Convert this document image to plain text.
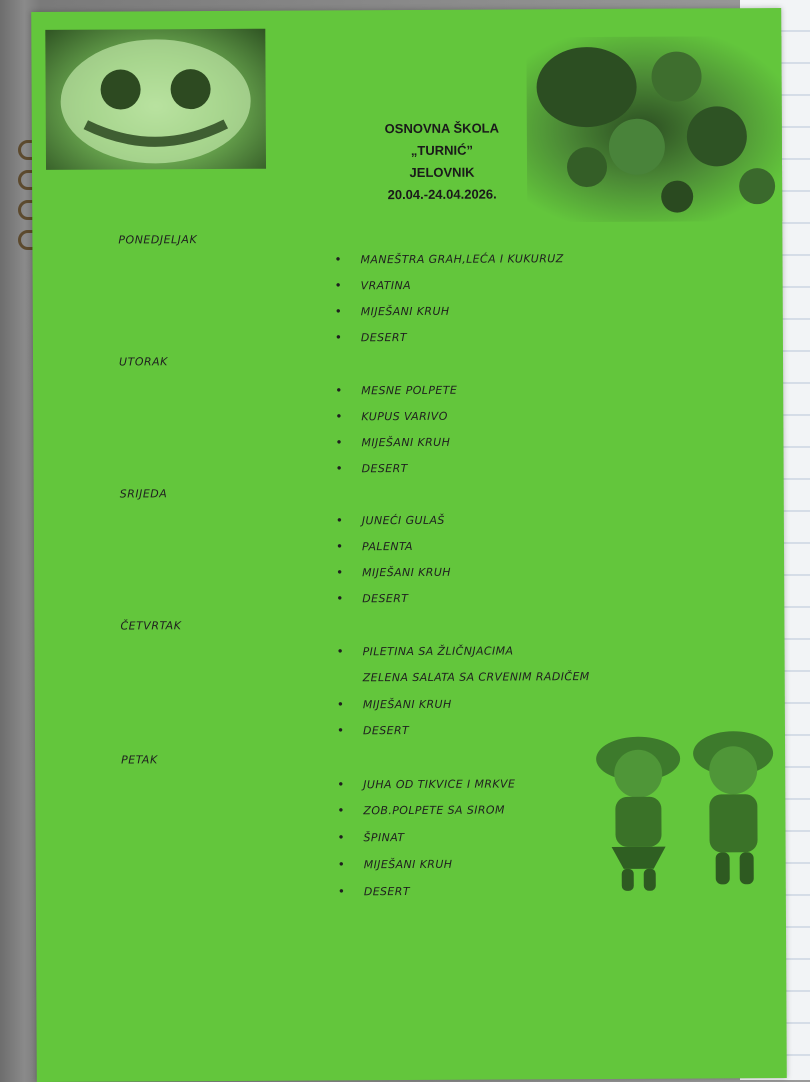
OSNOVNA ŠKOLA
„TURNIĆ”
JELOVNIK
20.04.-24.04.2026.
PONEDJELJAK
• MANEŠTRA GRAH,LEĆA I KUKURUZ
• VRATINA
• MIJEŠANI KRUH
• DESERT
UTORAK
• MESNE POLPETE
• KUPUS VARIVO
• MIJEŠANI KRUH
• DESERT
SRIJEDA
• JUNEĆI GULAŠ
• PALENTA
• MIJEŠANI KRUH
• DESERT
ČETVRTAK
• PILETINA SA ŽLIČNJACIMA
ZELENA SALATA SA CRVENIM RADIČEM
• MIJEŠANI KRUH
• DESERT
PETAK
• JUHA OD TIKVICE I MRKVE
• ZOB.POLPETE SA SIROM
• ŠPINAT
• MIJEŠANI KRUH
• DESERT
